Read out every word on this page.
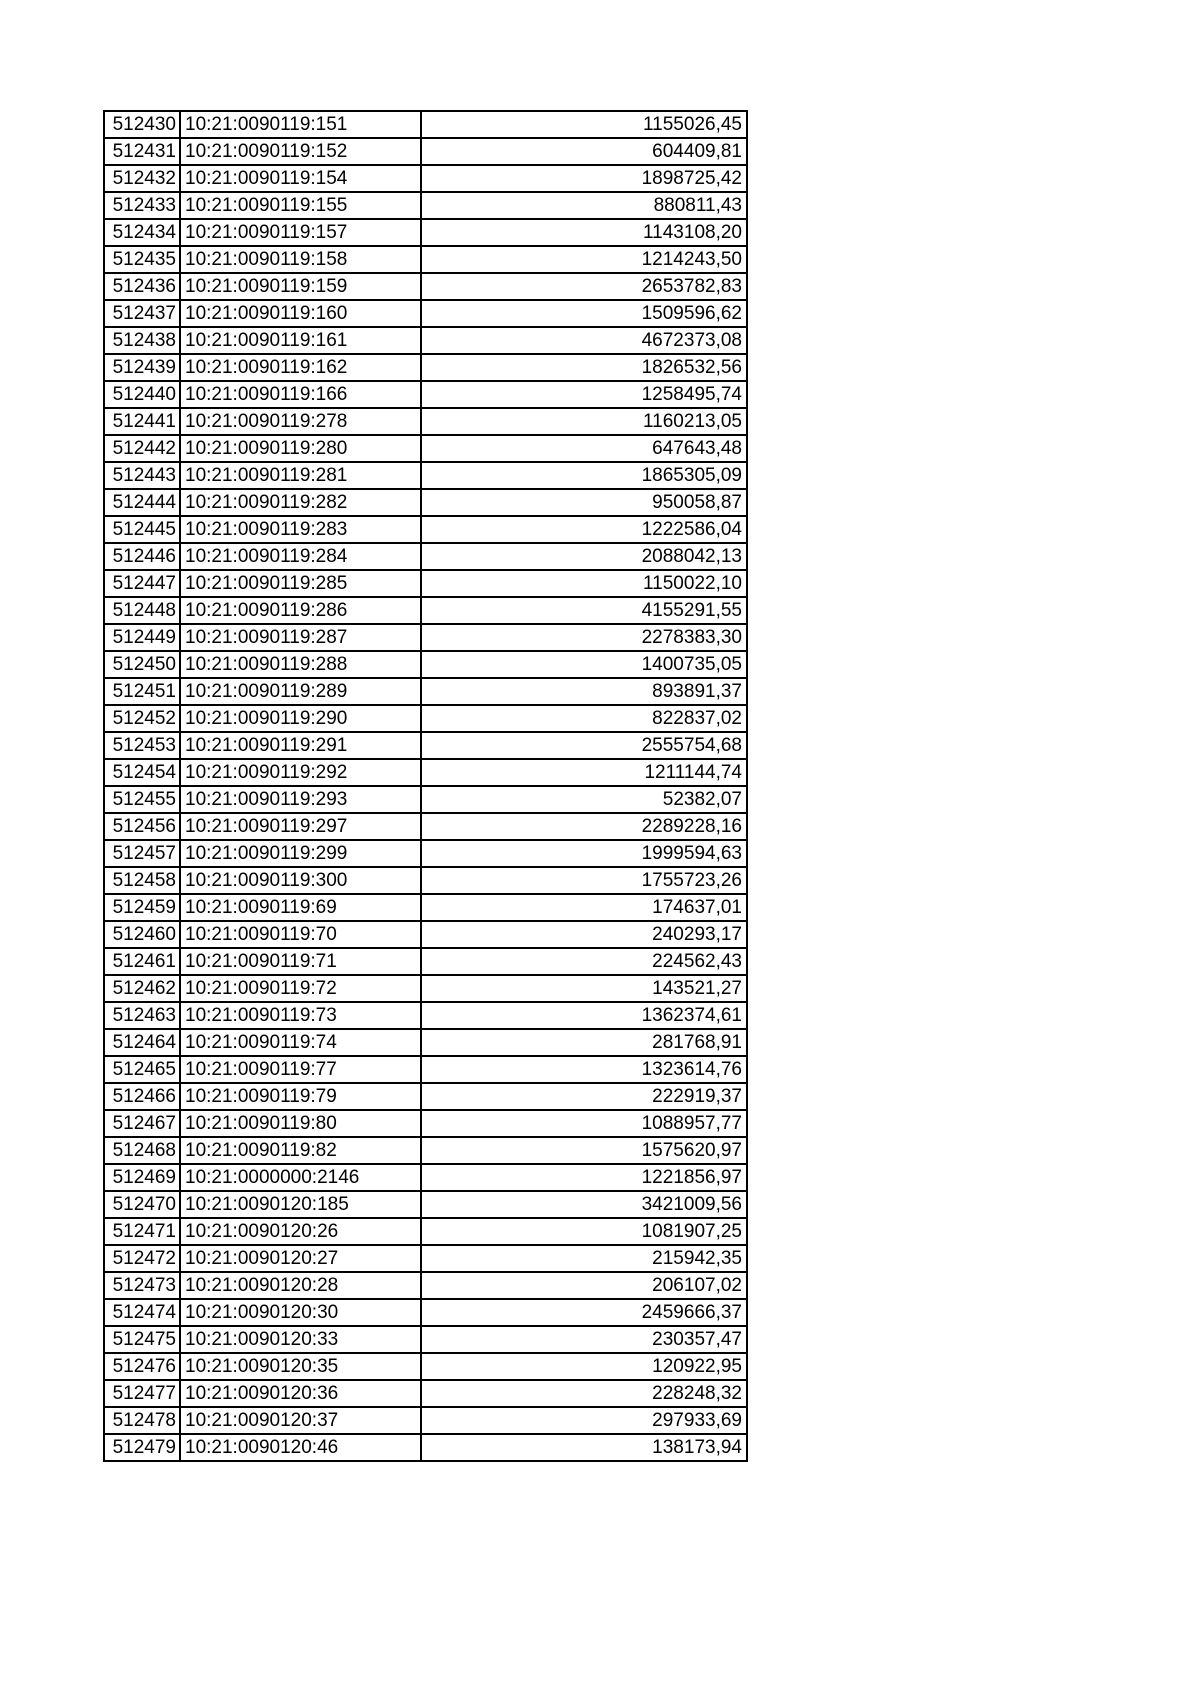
512430	10:21:0090119:151	1155026,45
512431	10:21:0090119:152	604409,81
512432	10:21:0090119:154	1898725,42
512433	10:21:0090119:155	880811,43
512434	10:21:0090119:157	1143108,20
512435	10:21:0090119:158	1214243,50
512436	10:21:0090119:159	2653782,83
512437	10:21:0090119:160	1509596,62
512438	10:21:0090119:161	4672373,08
512439	10:21:0090119:162	1826532,56
512440	10:21:0090119:166	1258495,74
512441	10:21:0090119:278	1160213,05
512442	10:21:0090119:280	647643,48
512443	10:21:0090119:281	1865305,09
512444	10:21:0090119:282	950058,87
512445	10:21:0090119:283	1222586,04
512446	10:21:0090119:284	2088042,13
512447	10:21:0090119:285	1150022,10
512448	10:21:0090119:286	4155291,55
512449	10:21:0090119:287	2278383,30
512450	10:21:0090119:288	1400735,05
512451	10:21:0090119:289	893891,37
512452	10:21:0090119:290	822837,02
512453	10:21:0090119:291	2555754,68
512454	10:21:0090119:292	1211144,74
512455	10:21:0090119:293	52382,07
512456	10:21:0090119:297	2289228,16
512457	10:21:0090119:299	1999594,63
512458	10:21:0090119:300	1755723,26
512459	10:21:0090119:69	174637,01
512460	10:21:0090119:70	240293,17
512461	10:21:0090119:71	224562,43
512462	10:21:0090119:72	143521,27
512463	10:21:0090119:73	1362374,61
512464	10:21:0090119:74	281768,91
512465	10:21:0090119:77	1323614,76
512466	10:21:0090119:79	222919,37
512467	10:21:0090119:80	1088957,77
512468	10:21:0090119:82	1575620,97
512469	10:21:0000000:2146	1221856,97
512470	10:21:0090120:185	3421009,56
512471	10:21:0090120:26	1081907,25
512472	10:21:0090120:27	215942,35
512473	10:21:0090120:28	206107,02
512474	10:21:0090120:30	2459666,37
512475	10:21:0090120:33	230357,47
512476	10:21:0090120:35	120922,95
512477	10:21:0090120:36	228248,32
512478	10:21:0090120:37	297933,69
512479	10:21:0090120:46	138173,94
